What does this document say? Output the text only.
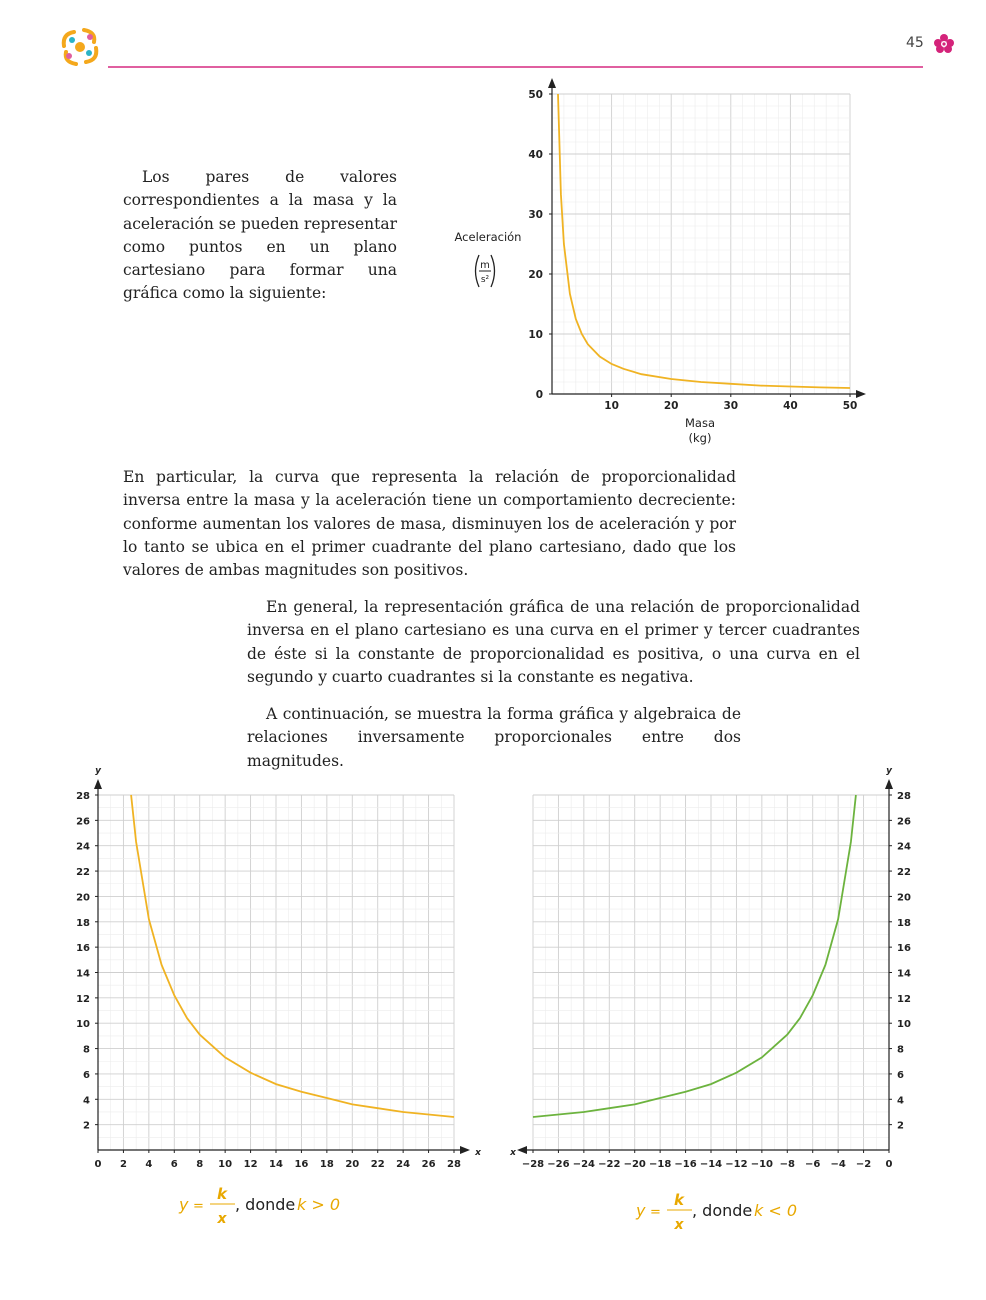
45

Los pares de valores correspondientes a la masa y la aceleración se pueden representar como puntos en un plano cartesiano para formar una gráfica como la siguiente:

Aceleración
m
s²
10	20	30	40	50
0
10
20
30
40
50
Masa
(kg)

En particular, la curva que representa la relación de proporcionalidad inversa entre la masa y la aceleración tiene un comportamiento decreciente: conforme aumentan los valores de masa, disminuyen los de aceleración y por lo tanto se ubica en el primer cuadrante del plano cartesiano, dado que los valores de ambas magnitudes son positivos.

En general, la representación gráfica de una relación de proporcionalidad inversa en el plano cartesiano es una curva en el primer y tercer cuadrantes de éste si la constante de proporcionalidad es positiva, o una curva en el segundo y cuarto cuadrantes si la constante es negativa.

A continuación, se muestra la forma gráfica y algebraica de relaciones inversamente proporcionales entre dos magnitudes.

0 2 4 6 8 10 12 14 16 18 20 22 24 26 28
2
4
6
8
10
12
14
16
18
20
22
24
26
28
y
x
−28 −26 −24 −22 −20 −18 −16 −14 −12 −10 −8 −6 −4 −2 0
2
4
6
8
10
12
14
16
18
20
22
24
26
28
y
x
y =
k
x
, donde k > 0	y =
k
x
, donde k < 0
